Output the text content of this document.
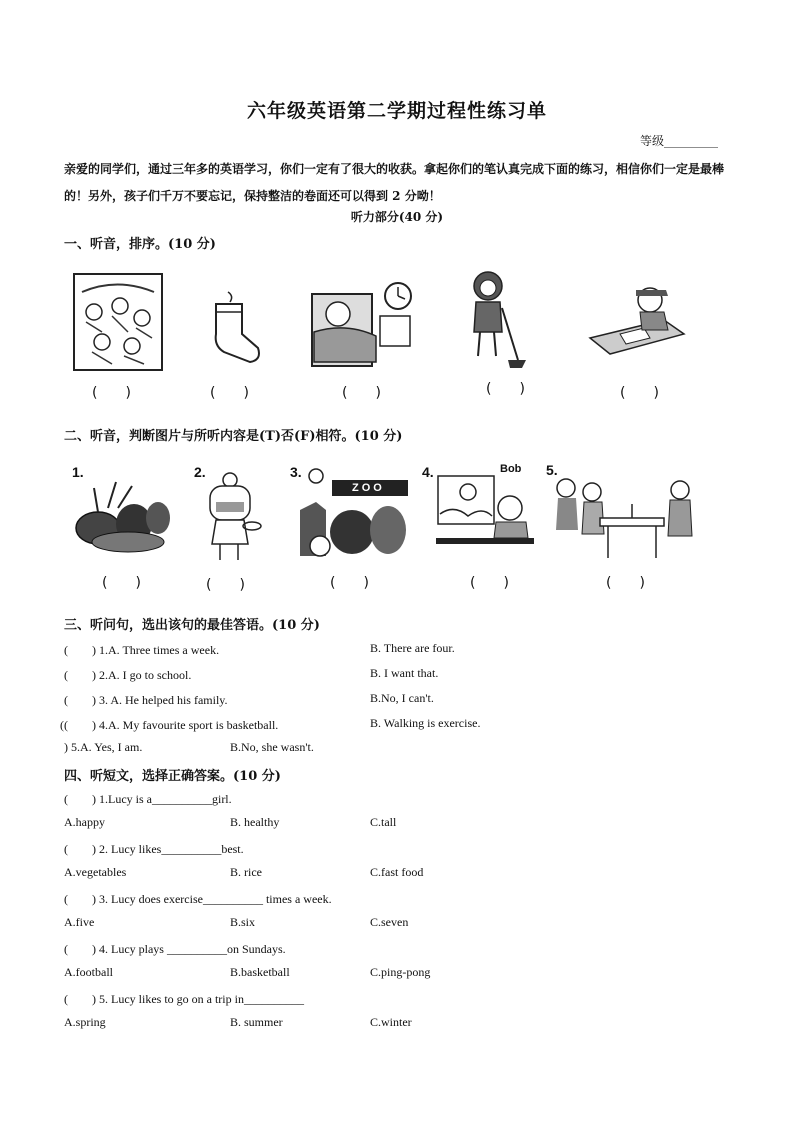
六年级英语第二学期过程性练习单
等级_________
亲爱的同学们，通过三年多的英语学习，你们一定有了很大的收获。拿起你们的笔认真完成下面的练习，相信你们一定是最棒的！另外，孩子们千万不要忘记，保持整洁的卷面还可以得到 2 分呦！
听力部分(40 分)
一、听音，排序。(10 分)
(　　)	(　　)	(　　)	(　　)	(　　)
二、听音，判断图片与所听内容是(T)否(F)相符。(10 分)
1.	2.	3.	4.	5.
Bob
ZOO
(　　)	(　　)	(　　)	(　　)	(　　)
三、听问句，选出该句的最佳答语。(10 分)
(　　) 1.A. Three times a week.	B. There are four.
(　　) 2.A. I go to school.	B. I want that.
(　　) 3. A. He helped his family.	B.No, I can't.
((　　) 4.A. My favourite sport is basketball.	B. Walking is exercise.
) 5.A. Yes, I am.	B.No, she wasn't.
四、听短文，选择正确答案。(10 分)
(　　) 1.Lucy is a__________girl.
A.happy	B. healthy	C.tall
(　　) 2. Lucy likes__________best.
A.vegetables	B. rice	C.fast food
(　　) 3. Lucy does exercise__________ times a week.
A.five	B.six	C.seven
(　　) 4. Lucy plays __________on Sundays.
A.football	B.basketball	C.ping-pong
(　　) 5. Lucy likes to go on a trip in__________
A.spring	B. summer	C.winter
